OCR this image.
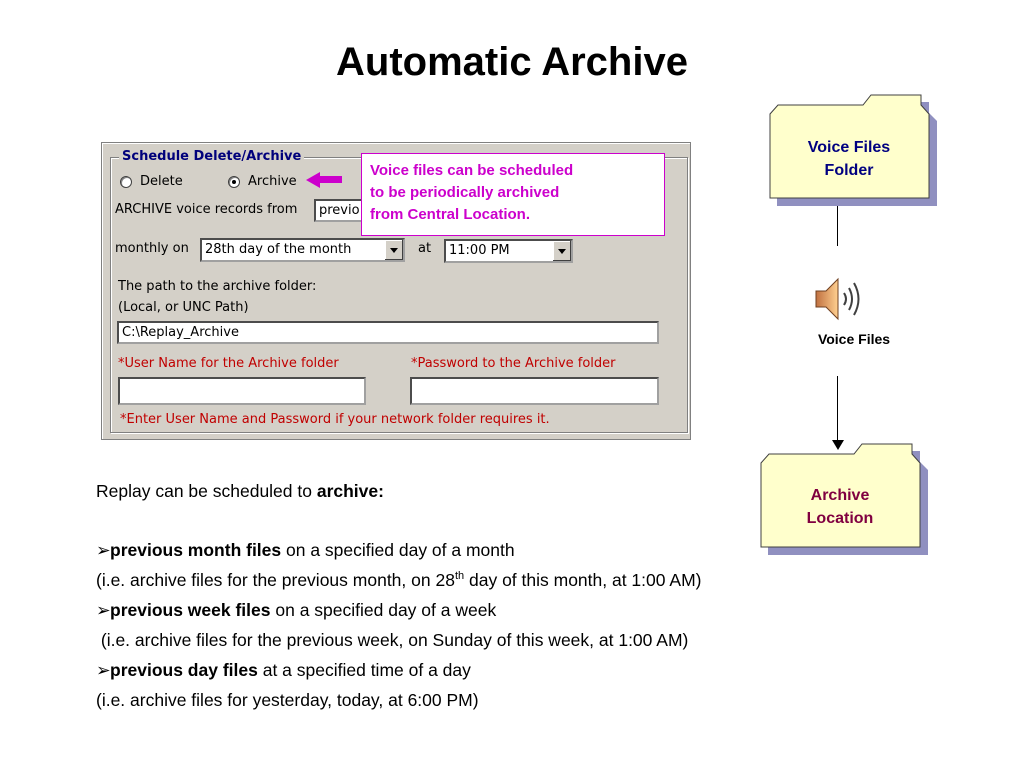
Automatic Archive
Schedule Delete/Archive
Delete	Archive
ARCHIVE voice records from	previo
monthly on	28th day of the month	at	11:00 PM
The path to the archive folder:
(Local, or UNC Path)
C:\Replay_Archive
*User Name for the Archive folder	*Password to the Archive folder
*Enter User Name and Password if your network folder requires it.
Voice files can be scheduled
to be periodically archived
from Central Location.
Voice Files
Folder
Voice Files
Archive
Location
Replay can be scheduled to archive:
➢previous month files on a specified day of a month
(i.e. archive files for the previous month, on 28th day of this month, at 1:00 AM)
➢previous week files on a specified day of a week
(i.e. archive files for the previous week, on Sunday of this week, at 1:00 AM)
➢previous day files at a specified time of a day
(i.e. archive files for yesterday, today, at 6:00 PM)
